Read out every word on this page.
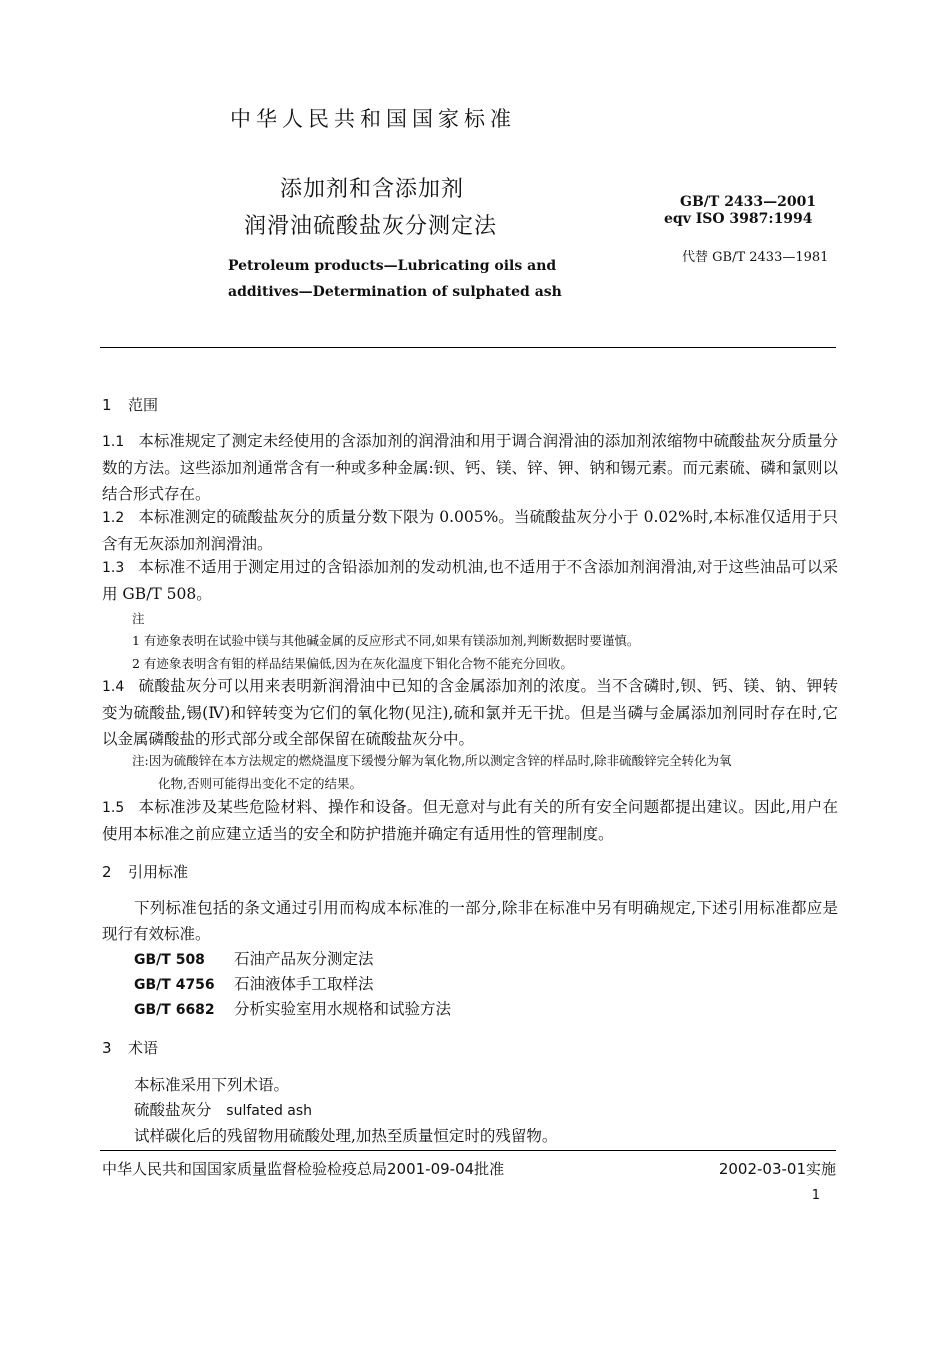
中华人民共和国国家标准
添加剂和含添加剂
润滑油硫酸盐灰分测定法
Petroleum products—Lubricating oils and
additives—Determination of sulphated ash
GB/T 2433—2001
eqv ISO 3987:1994
代替 GB/T 2433—1981
1 范围
1.1 本标准规定了测定未经使用的含添加剂的润滑油和用于调合润滑油的添加剂浓缩物中硫酸盐灰分质量分数的方法。这些添加剂通常含有一种或多种金属:钡、钙、镁、锌、钾、钠和锡元素。而元素硫、磷和氯则以结合形式存在。
1.2 本标准测定的硫酸盐灰分的质量分数下限为 0.005%。当硫酸盐灰分小于 0.02%时,本标准仅适用于只含有无灰添加剂润滑油。
1.3 本标准不适用于测定用过的含铅添加剂的发动机油,也不适用于不含添加剂润滑油,对于这些油品可以采用 GB/T 508。
注
1 有迹象表明在试验中镁与其他碱金属的反应形式不同,如果有镁添加剂,判断数据时要谨慎。
2 有迹象表明含有钼的样品结果偏低,因为在灰化温度下钼化合物不能充分回收。
1.4 硫酸盐灰分可以用来表明新润滑油中已知的含金属添加剂的浓度。当不含磷时,钡、钙、镁、钠、钾转变为硫酸盐,锡(Ⅳ)和锌转变为它们的氧化物(见注),硫和氯并无干扰。但是当磷与金属添加剂同时存在时,它以金属磷酸盐的形式部分或全部保留在硫酸盐灰分中。
注:因为硫酸锌在本方法规定的燃烧温度下缓慢分解为氧化物,所以测定含锌的样品时,除非硫酸锌完全转化为氧
化物,否则可能得出变化不定的结果。
1.5 本标准涉及某些危险材料、操作和设备。但无意对与此有关的所有安全问题都提出建议。因此,用户在使用本标准之前应建立适当的安全和防护措施并确定有适用性的管理制度。
2 引用标准
下列标准包括的条文通过引用而构成本标准的一部分,除非在标准中另有明确规定,下述引用标准都应是现行有效标准。
GB/T 508 石油产品灰分测定法
GB/T 4756 石油液体手工取样法
GB/T 6682 分析实验室用水规格和试验方法
3 术语
本标准采用下列术语。
硫酸盐灰分 sulfated ash
试样碳化后的残留物用硫酸处理,加热至质量恒定时的残留物。
中华人民共和国国家质量监督检验检疫总局2001-09-04批准	2002-03-01实施
1
